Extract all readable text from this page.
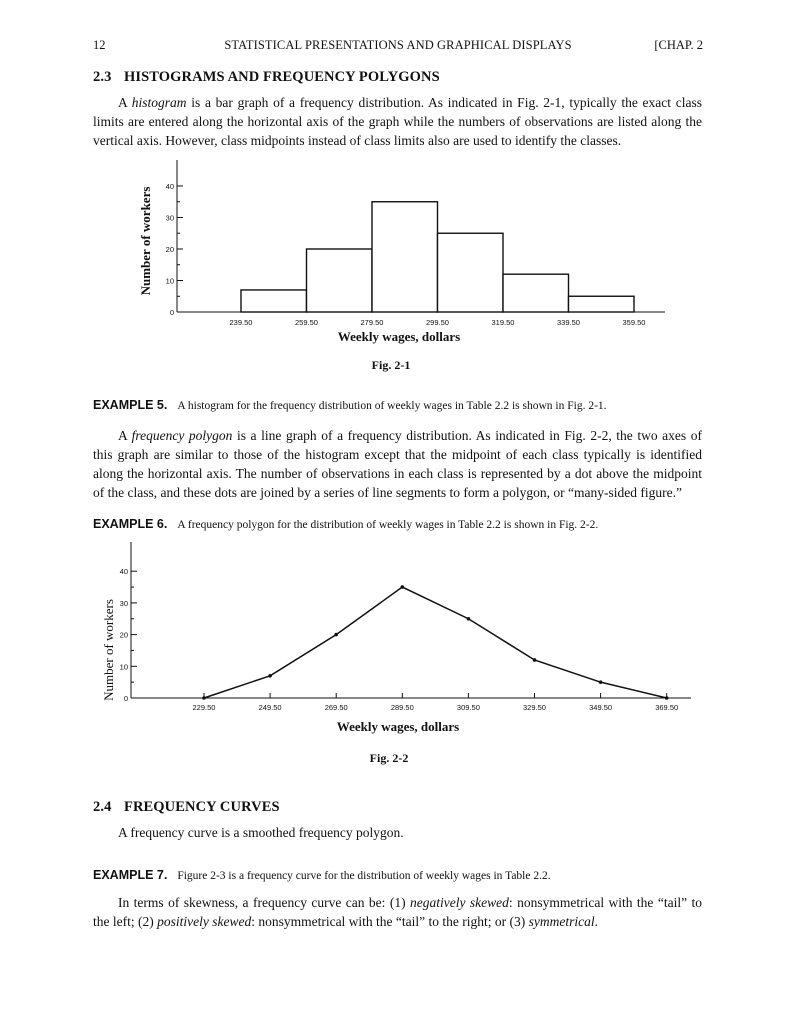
12	STATISTICAL PRESENTATIONS AND GRAPHICAL DISPLAYS	[CHAP. 2
2.3 HISTOGRAMS AND FREQUENCY POLYGONS
A histogram is a bar graph of a frequency distribution. As indicated in Fig. 2-1, typically the exact class limits are entered along the horizontal axis of the graph while the numbers of observations are listed along the vertical axis. However, class midpoints instead of class limits also are used to identify the classes.
0
10
20
30
40
239.50	259.50	279.50	299.50	319.50	339.50	359.50
Number of workers
Weekly wages, dollars
Fig. 2-1
EXAMPLE 5. A histogram for the frequency distribution of weekly wages in Table 2.2 is shown in Fig. 2-1.
A frequency polygon is a line graph of a frequency distribution. As indicated in Fig. 2-2, the two axes of this graph are similar to those of the histogram except that the midpoint of each class typically is identified along the horizontal axis. The number of observations in each class is represented by a dot above the midpoint of the class, and these dots are joined by a series of line segments to form a polygon, or “many-sided figure.”
EXAMPLE 6. A frequency polygon for the distribution of weekly wages in Table 2.2 is shown in Fig. 2-2.
0
10
20
30
40
229.50	249.50	269.50	289.50	309.50	329.50	349.50	369.50
Number of workers
Weekly wages, dollars
Fig. 2-2
2.4 FREQUENCY CURVES
A frequency curve is a smoothed frequency polygon.
EXAMPLE 7. Figure 2-3 is a frequency curve for the distribution of weekly wages in Table 2.2.
In terms of skewness, a frequency curve can be: (1) negatively skewed: nonsymmetrical with the “tail” to the left; (2) positively skewed: nonsymmetrical with the “tail” to the right; or (3) symmetrical.
